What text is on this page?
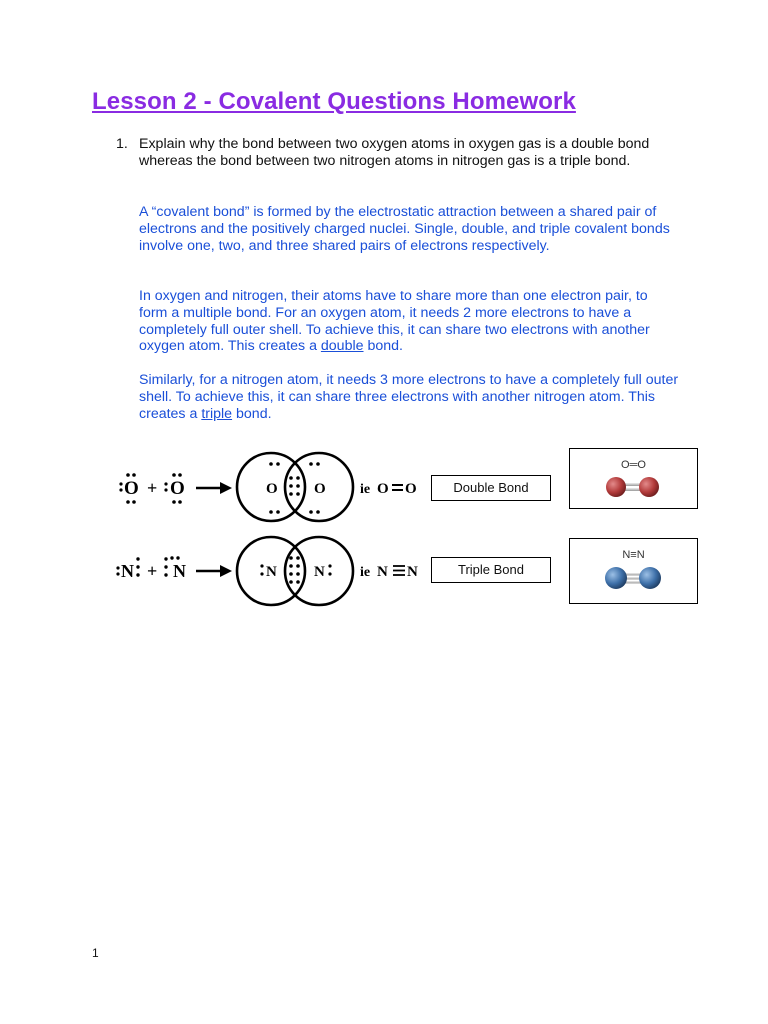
Lesson 2 - Covalent Questions Homework
1. Explain why the bond between two oxygen atoms in oxygen gas is a double bond whereas the bond between two nitrogen atoms in nitrogen gas is a triple bond.
A “covalent bond” is formed by the electrostatic attraction between a shared pair of electrons and the positively charged nuclei. Single, double, and triple covalent bonds involve one, two, and three shared pairs of electrons respectively.
In oxygen and nitrogen, their atoms have to share more than one electron pair, to form a multiple bond. For an oxygen atom, it needs 2 more electrons to have a completely full outer shell. To achieve this, it can share two electrons with another oxygen atom. This creates a double bond.
Similarly, for a nitrogen atom, it needs 3 more electrons to have a completely full outer shell. To achieve this, it can share three electrons with another nitrogen atom. This creates a triple bond.
O + O	O O ie O O
N + N	N N	ie N N
Double Bond
Triple Bond
O═O
N≡N
1
